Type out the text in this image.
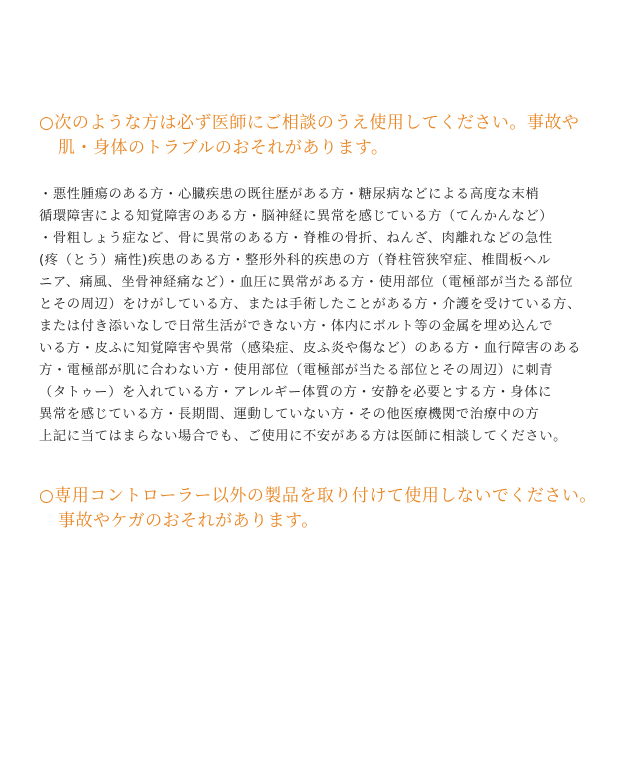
○次のような方は必ず医師にご相談のうえ使用してください。事故や
肌・身体のトラブルのおそれがあります。
・悪性腫瘍のある方・心臓疾患の既往歴がある方・糖尿病などによる高度な末梢
循環障害による知覚障害のある方・脳神経に異常を感じている方（てんかんなど）
・骨粗しょう症など、骨に異常のある方・脊椎の骨折、ねんざ、肉離れなどの急性
(疼（とう）痛性)疾患のある方・整形外科的疾患の方（脊柱管狭窄症、椎間板ヘル
ニア、痛風、坐骨神経痛など）・血圧に異常がある方・使用部位（電極部が当たる部位
とその周辺）をけがしている方、または手術したことがある方・介護を受けている方、
または付き添いなしで日常生活ができない方・体内にボルト等の金属を埋め込んで
いる方・皮ふに知覚障害や異常（感染症、皮ふ炎や傷など）のある方・血行障害のある
方・電極部が肌に合わない方・使用部位（電極部が当たる部位とその周辺）に刺青
（タトゥー）を入れている方・アレルギー体質の方・安静を必要とする方・身体に
異常を感じている方・長期間、運動していない方・その他医療機関で治療中の方
上記に当てはまらない場合でも、ご使用に不安がある方は医師に相談してください。
○専用コントローラー以外の製品を取り付けて使用しないでください。
事故やケガのおそれがあります。
